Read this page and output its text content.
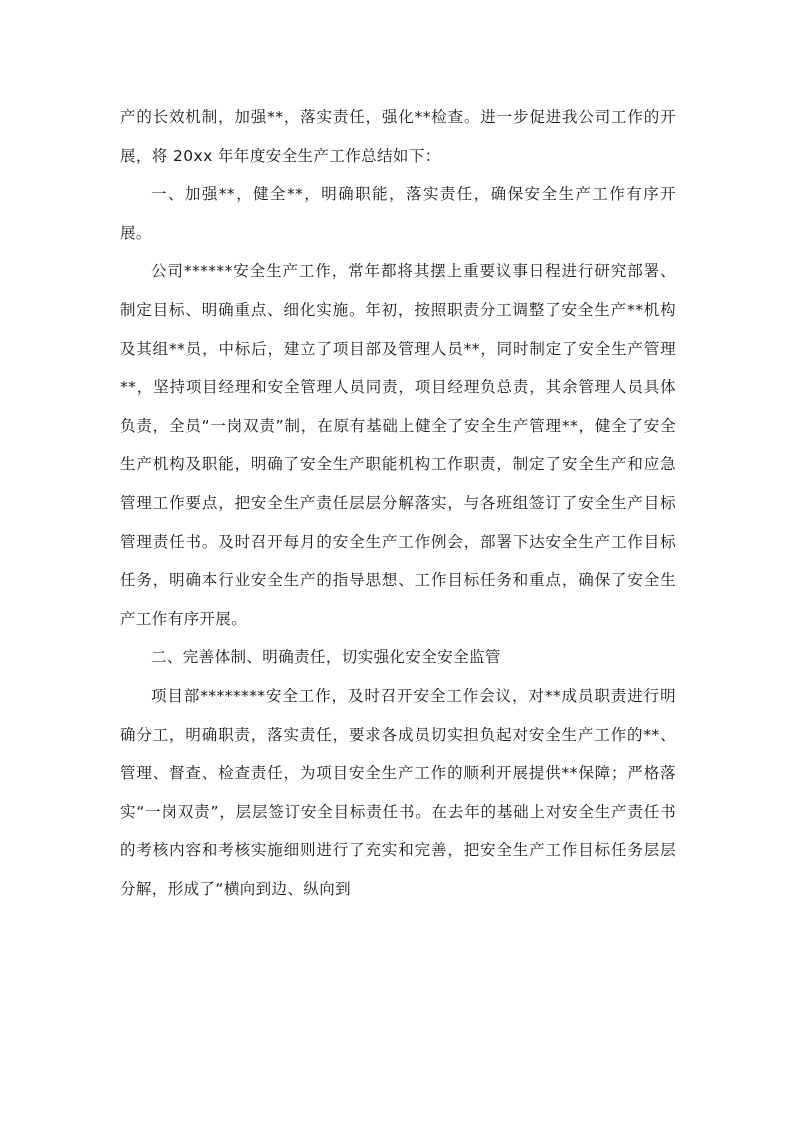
产的长效机制，加强**，落实责任，强化**检查。进一步促进我公司工作的开展，将 20xx 年年度安全生产工作总结如下：

一、加强**，健全**，明确职能，落实责任，确保安全生产工作有序开展。

公司******安全生产工作，常年都将其摆上重要议事日程进行研究部署、制定目标、明确重点、细化实施。年初，按照职责分工调整了安全生产**机构及其组**员，中标后，建立了项目部及管理人员**，同时制定了安全生产管理**，坚持项目经理和安全管理人员同责，项目经理负总责，其余管理人员具体负责，全员“一岗双责”制，在原有基础上健全了安全生产管理**，健全了安全生产机构及职能，明确了安全生产职能机构工作职责，制定了安全生产和应急管理工作要点，把安全生产责任层层分解落实，与各班组签订了安全生产目标管理责任书。及时召开每月的安全生产工作例会，部署下达安全生产工作目标任务，明确本行业安全生产的指导思想、工作目标任务和重点，确保了安全生产工作有序开展。

二、完善体制、明确责任，切实强化安全安全监管

项目部********安全工作，及时召开安全工作会议，对**成员职责进行明确分工，明确职责，落实责任，要求各成员切实担负起对安全生产工作的**、管理、督查、检查责任，为项目安全生产工作的顺利开展提供**保障；严格落实“一岗双责”，层层签订安全目标责任书。在去年的基础上对安全生产责任书的考核内容和考核实施细则进行了充实和完善，把安全生产工作目标任务层层分解，形成了“横向到边、纵向到
